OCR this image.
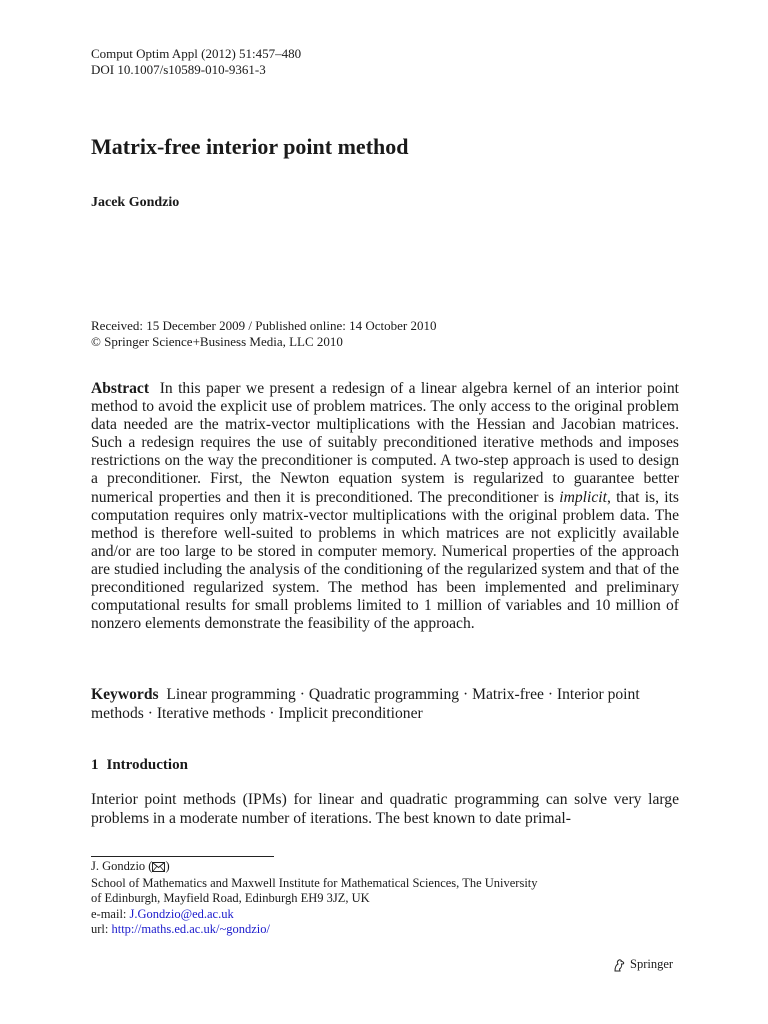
Comput Optim Appl (2012) 51:457–480
DOI 10.1007/s10589-010-9361-3
Matrix-free interior point method
Jacek Gondzio
Received: 15 December 2009 / Published online: 14 October 2010
© Springer Science+Business Media, LLC 2010
Abstract In this paper we present a redesign of a linear algebra kernel of an interior point method to avoid the explicit use of problem matrices. The only access to the original problem data needed are the matrix-vector multiplications with the Hessian and Jacobian matrices. Such a redesign requires the use of suitably preconditioned iterative methods and imposes restrictions on the way the preconditioner is computed. A two-step approach is used to design a preconditioner. First, the Newton equation system is regularized to guarantee better numerical properties and then it is preconditioned. The preconditioner is implicit, that is, its computation requires only matrix-vector multiplications with the original problem data. The method is therefore well-suited to problems in which matrices are not explicitly available and/or are too large to be stored in computer memory. Numerical properties of the approach are studied including the analysis of the conditioning of the regularized system and that of the preconditioned regularized system. The method has been implemented and preliminary computational results for small problems limited to 1 million of variables and 10 million of nonzero elements demonstrate the feasibility of the approach.
Keywords Linear programming · Quadratic programming · Matrix-free · Interior point methods · Iterative methods · Implicit preconditioner
1 Introduction
Interior point methods (IPMs) for linear and quadratic programming can solve very large problems in a moderate number of iterations. The best known to date primal-
J. Gondzio ( )
School of Mathematics and Maxwell Institute for Mathematical Sciences, The University
of Edinburgh, Mayfield Road, Edinburgh EH9 3JZ, UK
e-mail: J.Gondzio@ed.ac.uk
url: http://maths.ed.ac.uk/~gondzio/
Springer
